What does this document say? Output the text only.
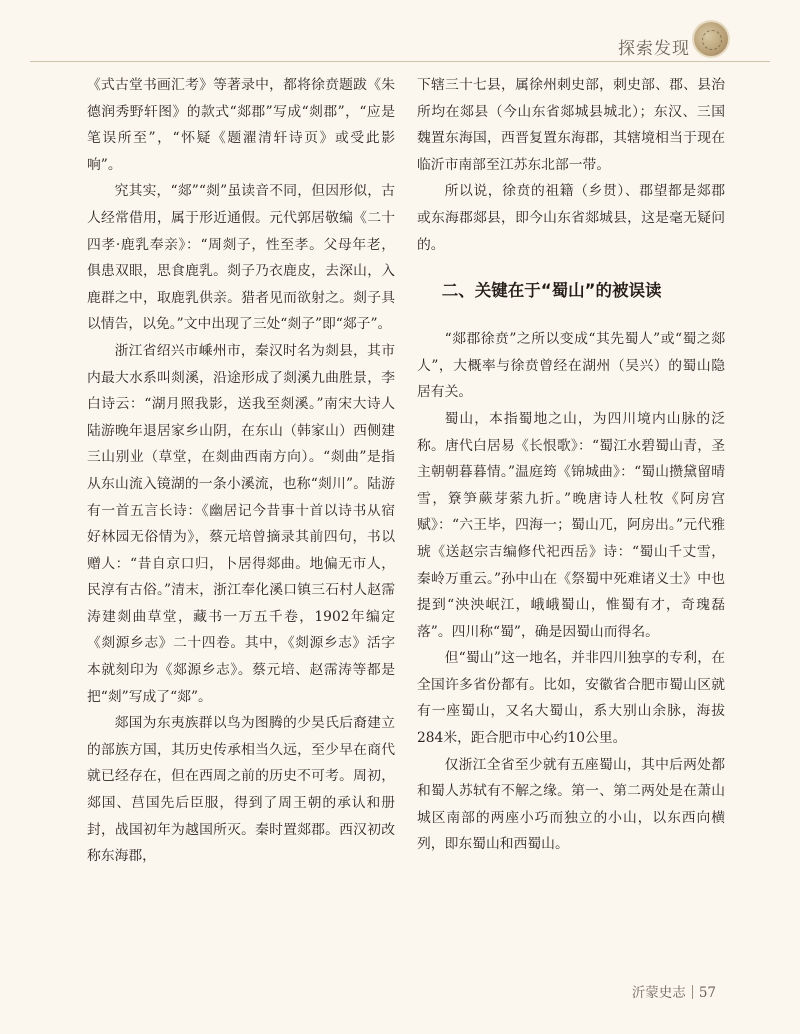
探索发现

《式古堂书画汇考》等著录中，都将徐贲题跋《朱德润秀野轩图》的款式“郯郡”写成“剡郡”，“应是笔误所至”，“怀疑《题濯清轩诗页》或受此影响”。

究其实，“郯”“剡”虽读音不同，但因形似，古人经常借用，属于形近通假。元代郭居敬编《二十四孝·鹿乳奉亲》：“周剡子，性至孝。父母年老，俱患双眼，思食鹿乳。剡子乃衣鹿皮，去深山，入鹿群之中，取鹿乳供亲。猎者见而欲射之。剡子具以情告，以免。”文中出现了三处“剡子”即“郯子”。

浙江省绍兴市嵊州市，秦汉时名为剡县，其市内最大水系叫剡溪，沿途形成了剡溪九曲胜景，李白诗云：“湖月照我影，送我至剡溪。”南宋大诗人陆游晚年退居家乡山阴，在东山（韩家山）西侧建三山别业（草堂，在剡曲西南方向）。“剡曲”是指从东山流入镜湖的一条小溪流，也称“剡川”。陆游有一首五言长诗：《幽居记今昔事十首以诗书从宿好林园无俗情为》，蔡元培曾摘录其前四句，书以赠人：“昔自京口归，卜居得郯曲。地偏无市人，民淳有古俗。”清末，浙江奉化溪口镇三石村人赵霈涛建剡曲草堂，藏书一万五千卷，1902年编定《剡源乡志》二十四卷。其中，《剡源乡志》活字本就刻印为《郯源乡志》。蔡元培、赵霈涛等都是把“剡”写成了“郯”。

郯国为东夷族群以鸟为图腾的少昊氏后裔建立的部族方国，其历史传承相当久远，至少早在商代就已经存在，但在西周之前的历史不可考。周初，郯国、莒国先后臣服，得到了周王朝的承认和册封，战国初年为越国所灭。秦时置郯郡。西汉初改称东海郡，

下辖三十七县，属徐州刺史部，刺史部、郡、县治所均在郯县（今山东省郯城县城北）；东汉、三国魏置东海国，西晋复置东海郡，其辖境相当于现在临沂市南部至江苏东北部一带。

所以说，徐贲的祖籍（乡贯）、郡望都是郯郡或东海郡郯县，即今山东省郯城县，这是毫无疑问的。

二、关键在于“蜀山”的被误读

“郯郡徐贲”之所以变成“其先蜀人”或“蜀之郯人”，大概率与徐贲曾经在湖州（吴兴）的蜀山隐居有关。

蜀山，本指蜀地之山，为四川境内山脉的泛称。唐代白居易《长恨歌》：“蜀江水碧蜀山青，圣主朝朝暮暮情。”温庭筠《锦城曲》：“蜀山攒黛留晴雪，簝笋蕨芽萦九折。”晚唐诗人杜牧《阿房宫赋》：“六王毕，四海一；蜀山兀，阿房出。”元代雅琥《送赵宗吉编修代祀西岳》诗：“蜀山千丈雪，秦岭万重云。”孙中山在《祭蜀中死难诸义士》中也提到“泱泱岷江，峨峨蜀山，惟蜀有才，奇瑰磊落”。四川称“蜀”，确是因蜀山而得名。

但“蜀山”这一地名，并非四川独享的专利，在全国许多省份都有。比如，安徽省合肥市蜀山区就有一座蜀山，又名大蜀山，系大别山余脉，海拔284米，距合肥市中心约10公里。

仅浙江全省至少就有五座蜀山，其中后两处都和蜀人苏轼有不解之缘。第一、第二两处是在萧山城区南部的两座小巧而独立的小山，以东西向横列，即东蜀山和西蜀山。

沂蒙史志 57
